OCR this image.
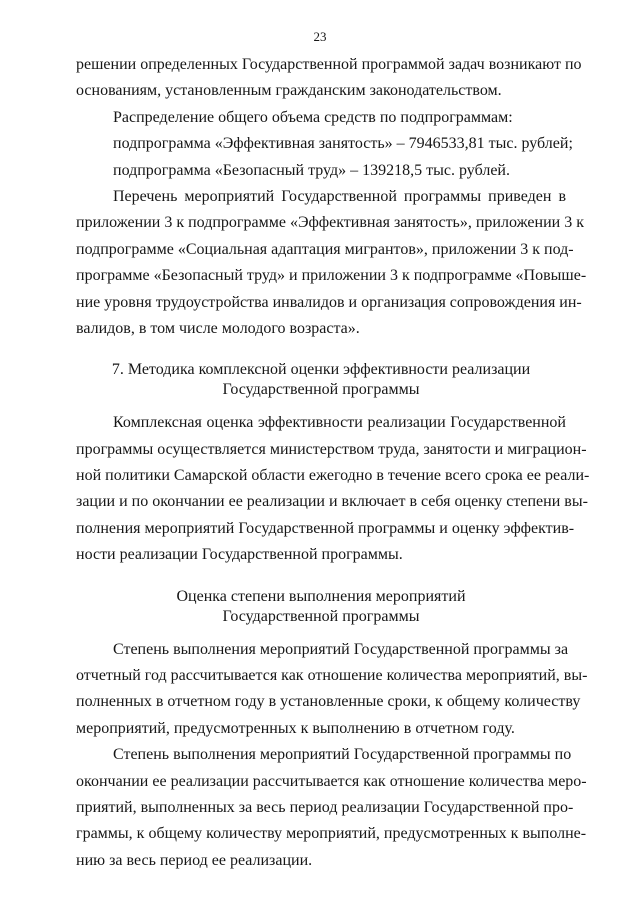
23
решении определенных Государственной программой задач возникают по
основаниям, установленным гражданским законодательством.
Распределение общего объема средств по подпрограммам:
подпрограмма «Эффективная занятость» – 7946533,81 тыс. рублей;
подпрограмма «Безопасный труд» – 139218,5 тыс. рублей.
Перечень мероприятий Государственной программы приведен в
приложении 3 к подпрограмме «Эффективная занятость», приложении 3 к
подпрограмме «Социальная адаптация мигрантов», приложении 3 к под-
программе «Безопасный труд» и приложении 3 к подпрограмме «Повыше-
ние уровня трудоустройства инвалидов и организация сопровождения ин-
валидов, в том числе молодого возраста».
7. Методика комплексной оценки эффективности реализации
Государственной программы
Комплексная оценка эффективности реализации Государственной
программы осуществляется министерством труда, занятости и миграцион-
ной политики Самарской области ежегодно в течение всего срока ее реали-
зации и по окончании ее реализации и включает в себя оценку степени вы-
полнения мероприятий Государственной программы и оценку эффектив-
ности реализации Государственной программы.
Оценка степени выполнения мероприятий
Государственной программы
Степень выполнения мероприятий Государственной программы за
отчетный год рассчитывается как отношение количества мероприятий, вы-
полненных в отчетном году в установленные сроки, к общему количеству
мероприятий, предусмотренных к выполнению в отчетном году.
Степень выполнения мероприятий Государственной программы по
окончании ее реализации рассчитывается как отношение количества меро-
приятий, выполненных за весь период реализации Государственной про-
граммы, к общему количеству мероприятий, предусмотренных к выполне-
нию за весь период ее реализации.
